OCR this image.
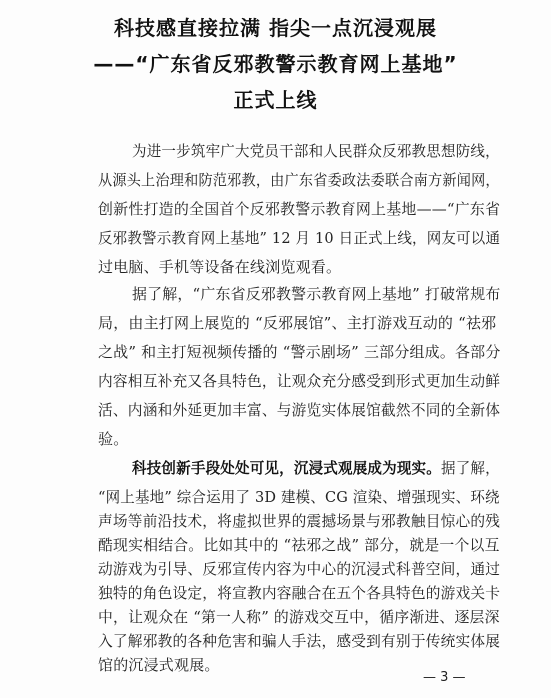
科技感直接拉满 指尖一点沉浸观展
——“广东省反邪教警示教育网上基地”
正式上线
为进一步筑牢广大党员干部和人民群众反邪教思想防线，
从源头上治理和防范邪教，由广东省委政法委联合南方新闻网，
创新性打造的全国首个反邪教警示教育网上基地——“广东省
反邪教警示教育网上基地” 12 月 10 日正式上线，网友可以通
过电脑、手机等设备在线浏览观看。
据了解，“广东省反邪教警示教育网上基地” 打破常规布
局，由主打网上展览的 “反邪展馆”、主打游戏互动的 “祛邪
之战” 和主打短视频传播的 “警示剧场” 三部分组成。各部分
内容相互补充又各具特色，让观众充分感受到形式更加生动鲜
活、内涵和外延更加丰富、与游览实体展馆截然不同的全新体
验。
科技创新手段处处可见，沉浸式观展成为现实。据了解，
“网上基地” 综合运用了 3D 建模、CG 渲染、增强现实、环绕
声场等前沿技术，将虚拟世界的震撼场景与邪教触目惊心的残
酷现实相结合。比如其中的 “祛邪之战” 部分，就是一个以互
动游戏为引导、反邪宣传内容为中心的沉浸式科普空间，通过
独特的角色设定，将宣教内容融合在五个各具特色的游戏关卡
中，让观众在 “第一人称” 的游戏交互中，循序渐进、逐层深
入了解邪教的各种危害和骗人手法，感受到有别于传统实体展
馆的沉浸式观展。
— 3 —
